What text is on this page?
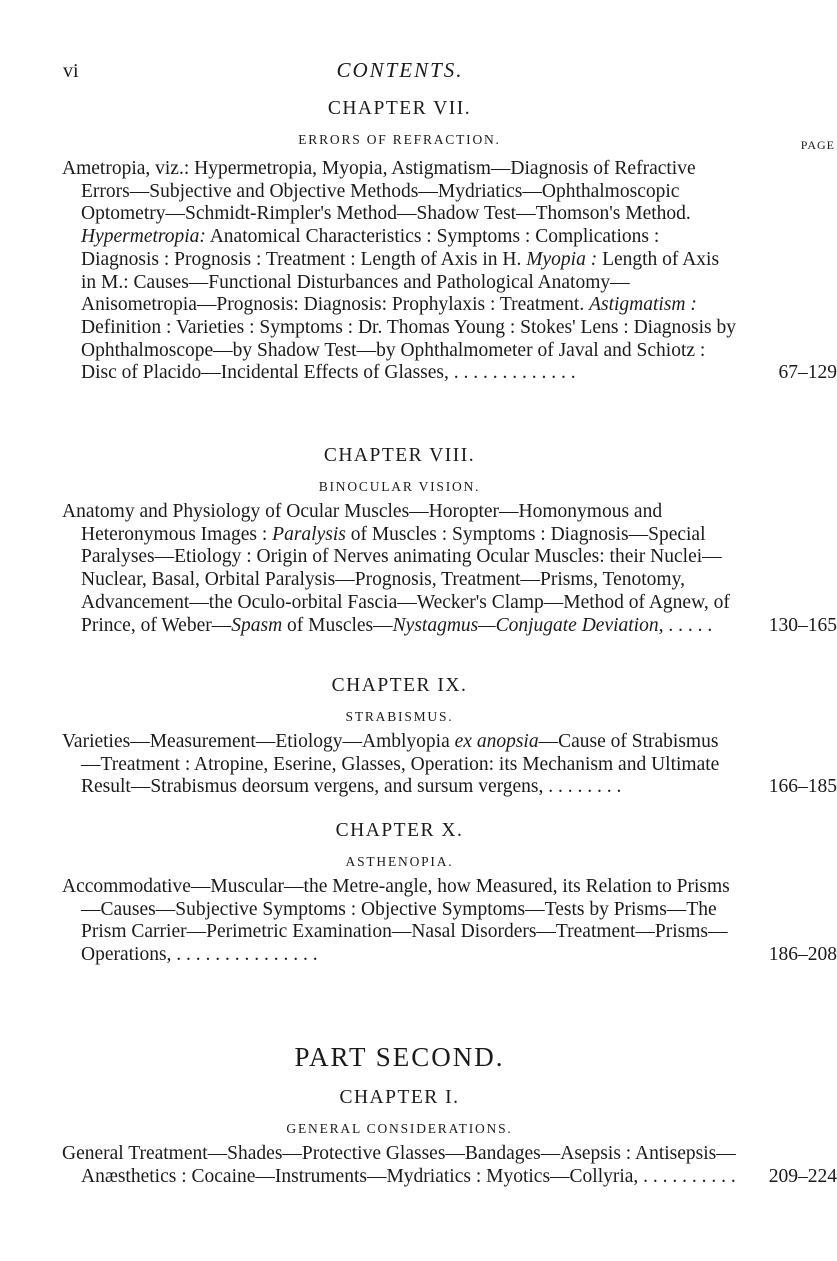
vi	CONTENTS.
CHAPTER VII.
ERRORS OF REFRACTION.	PAGE

Ametropia, viz.: Hypermetropia, Myopia, Astigmatism—Diagnosis of Refractive Errors—Subjective and Objective Methods—Mydriatics—Ophthalmoscopic Optometry—Schmidt-Rimpler's Method—Shadow Test—Thomson's Method. Hypermetropia: Anatomical Characteristics : Symptoms : Complications : Diagnosis : Prognosis : Treatment : Length of Axis in H. Myopia : Length of Axis in M.: Causes—Functional Disturbances and Pathological Anatomy—Anisometropia—Prognosis: Diagnosis: Prophylaxis : Treatment. Astigmatism : Definition : Varieties : Symptoms : Dr. Thomas Young : Stokes' Lens : Diagnosis by Ophthalmoscope—by Shadow Test—by Ophthalmometer of Javal and Schiotz : Disc of Placido—Incidental Effects of Glasses, . . . . . . . . . . . . .	67–129

CHAPTER VIII.
BINOCULAR VISION.

Anatomy and Physiology of Ocular Muscles—Horopter—Homonymous and Heteronymous Images : Paralysis of Muscles : Symptoms : Diagnosis—Special Paralyses—Etiology : Origin of Nerves animating Ocular Muscles: their Nuclei—Nuclear, Basal, Orbital Paralysis—Prognosis, Treatment—Prisms, Tenotomy, Advancement—the Oculo-orbital Fascia—Wecker's Clamp—Method of Agnew, of Prince, of Weber—Spasm of Muscles—Nystagmus—Conjugate Deviation, . . . . .	130–165

CHAPTER IX.
STRABISMUS.

Varieties—Measurement—Etiology—Amblyopia ex anopsia—Cause of Strabismus—Treatment : Atropine, Eserine, Glasses, Operation: its Mechanism and Ultimate Result—Strabismus deorsum vergens, and sursum vergens, . . . . . . . .	166–185

CHAPTER X.
ASTHENOPIA.

Accommodative—Muscular—the Metre-angle, how Measured, its Relation to Prisms—Causes—Subjective Symptoms : Objective Symptoms—Tests by Prisms—The Prism Carrier—Perimetric Examination—Nasal Disorders—Treatment—Prisms—Operations, . . . . . . . . . . . . . . .	186–208

PART SECOND.
CHAPTER I.
GENERAL CONSIDERATIONS.

General Treatment—Shades—Protective Glasses—Bandages—Asepsis : Antisepsis—Anæsthetics : Cocaine—Instruments—Mydriatics : Myotics—Collyria, . . . . . . . . . .	209–224
